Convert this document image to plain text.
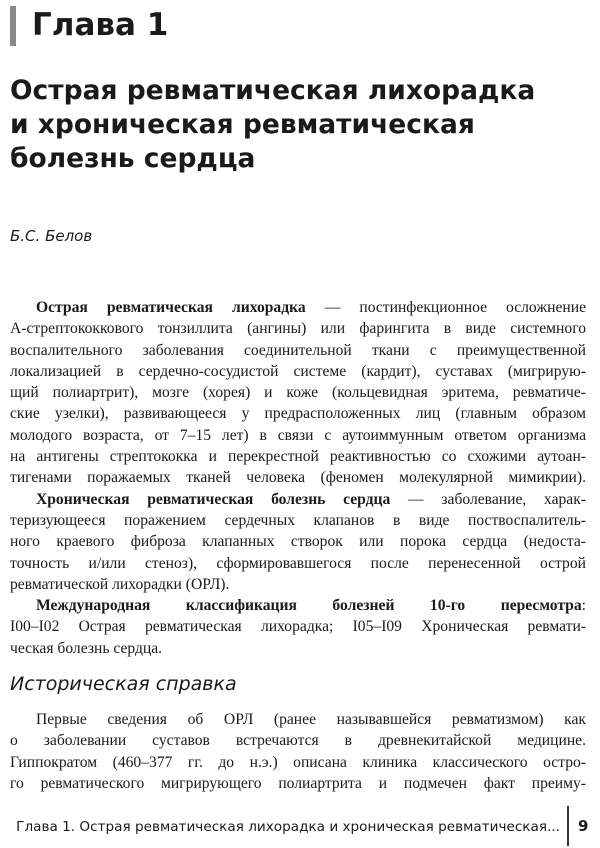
Глава 1
Острая ревматическая лихорадка
и хроническая ревматическая
болезнь сердца
Б.С. Белов
Острая ревматическая лихорадка — постинфекционное осложнение
А-стрептококкового тонзиллита (ангины) или фарингита в виде системного
воспалительного заболевания соединительной ткани с преимущественной
локализацией в сердечно-сосудистой системе (кардит), суставах (мигрирую-
щий полиартрит), мозге (хорея) и коже (кольцевидная эритема, ревматиче-
ские узелки), развивающееся у предрасположенных лиц (главным образом
молодого возраста, от 7–15 лет) в связи с аутоиммунным ответом организма
на антигены стрептококка и перекрестной реактивностью со схожими аутоан-
тигенами поражаемых тканей человека (феномен молекулярной мимикрии).
Хроническая ревматическая болезнь сердца — заболевание, харак-
теризующееся поражением сердечных клапанов в виде поствоспалитель-
ного краевого фиброза клапанных створок или порока сердца (недоста-
точность и/или стеноз), сформировавшегося после перенесенной острой
ревматической лихорадки (ОРЛ).
Международная классификация болезней 10-го пересмотра:
I00–I02 Острая ревматическая лихорадка; I05–I09 Хроническая ревмати-
ческая болезнь сердца.
Историческая справка
Первые сведения об ОРЛ (ранее называвшейся ревматизмом) как
о заболевании суставов встречаются в древнекитайской медицине.
Гиппократом (460–377 гг. до н.э.) описана клиника классического остро-
го ревматического мигрирующего полиартрита и подмечен факт преиму-
Глава 1. Острая ревматическая лихорадка и хроническая ревматическая... 9
